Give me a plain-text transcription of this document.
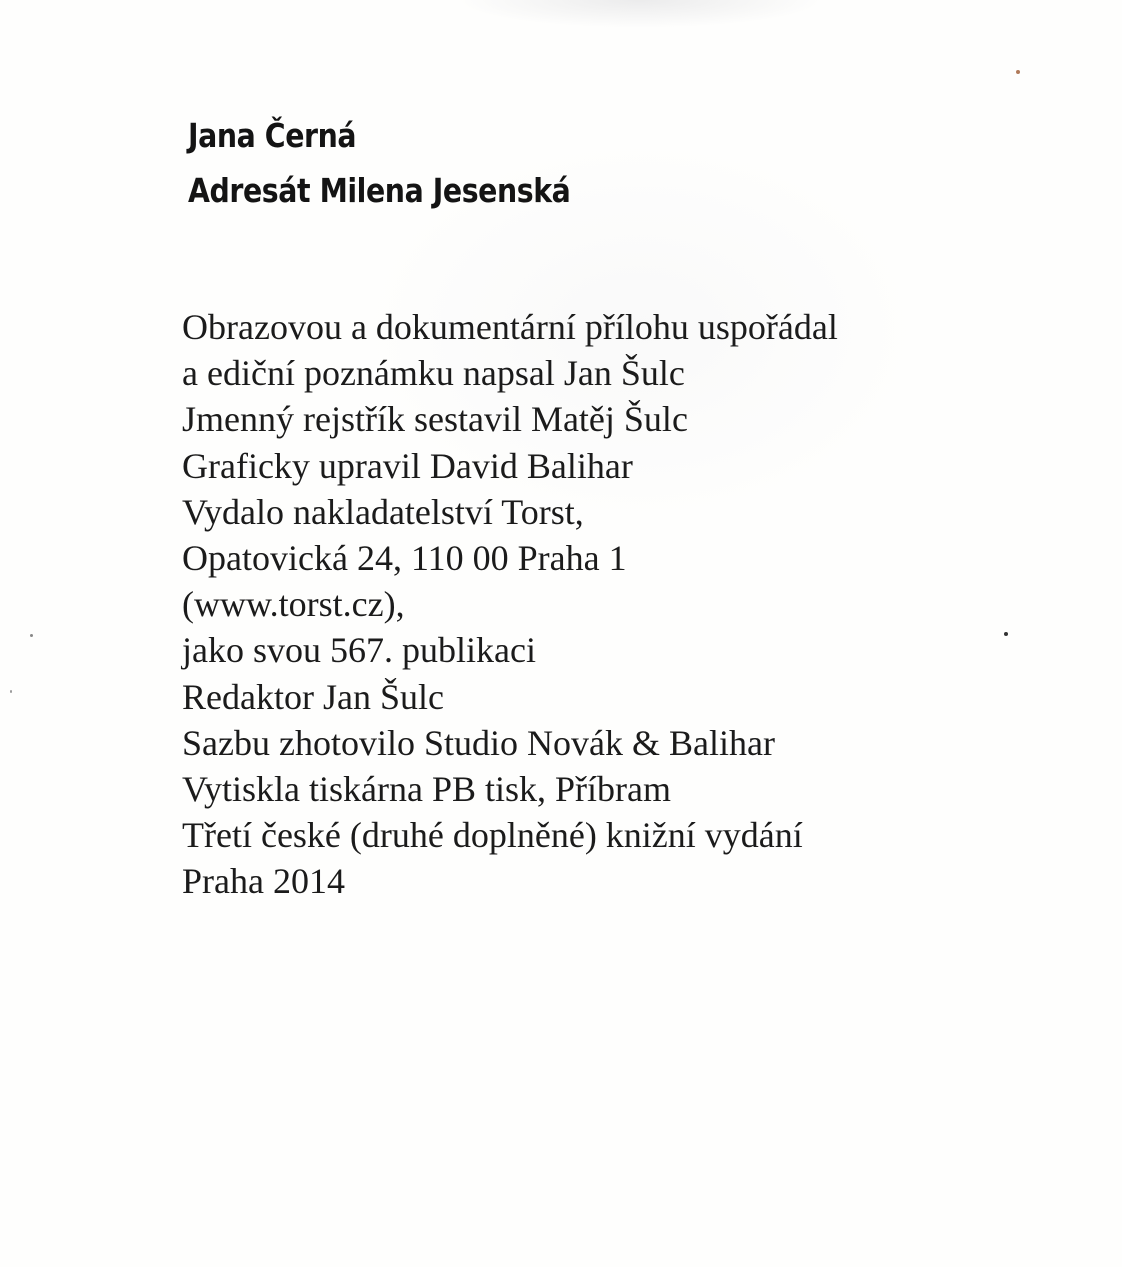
Jana Černá
Adresát Milena Jesenská
Obrazovou a dokumentární přílohu uspořádal
a ediční poznámku napsal Jan Šulc
Jmenný rejstřík sestavil Matěj Šulc
Graficky upravil David Balihar
Vydalo nakladatelství Torst,
Opatovická 24, 110 00 Praha 1
(www.torst.cz),
jako svou 567. publikaci
Redaktor Jan Šulc
Sazbu zhotovilo Studio Novák & Balihar
Vytiskla tiskárna PB tisk, Příbram
Třetí české (druhé doplněné) knižní vydání
Praha 2014
